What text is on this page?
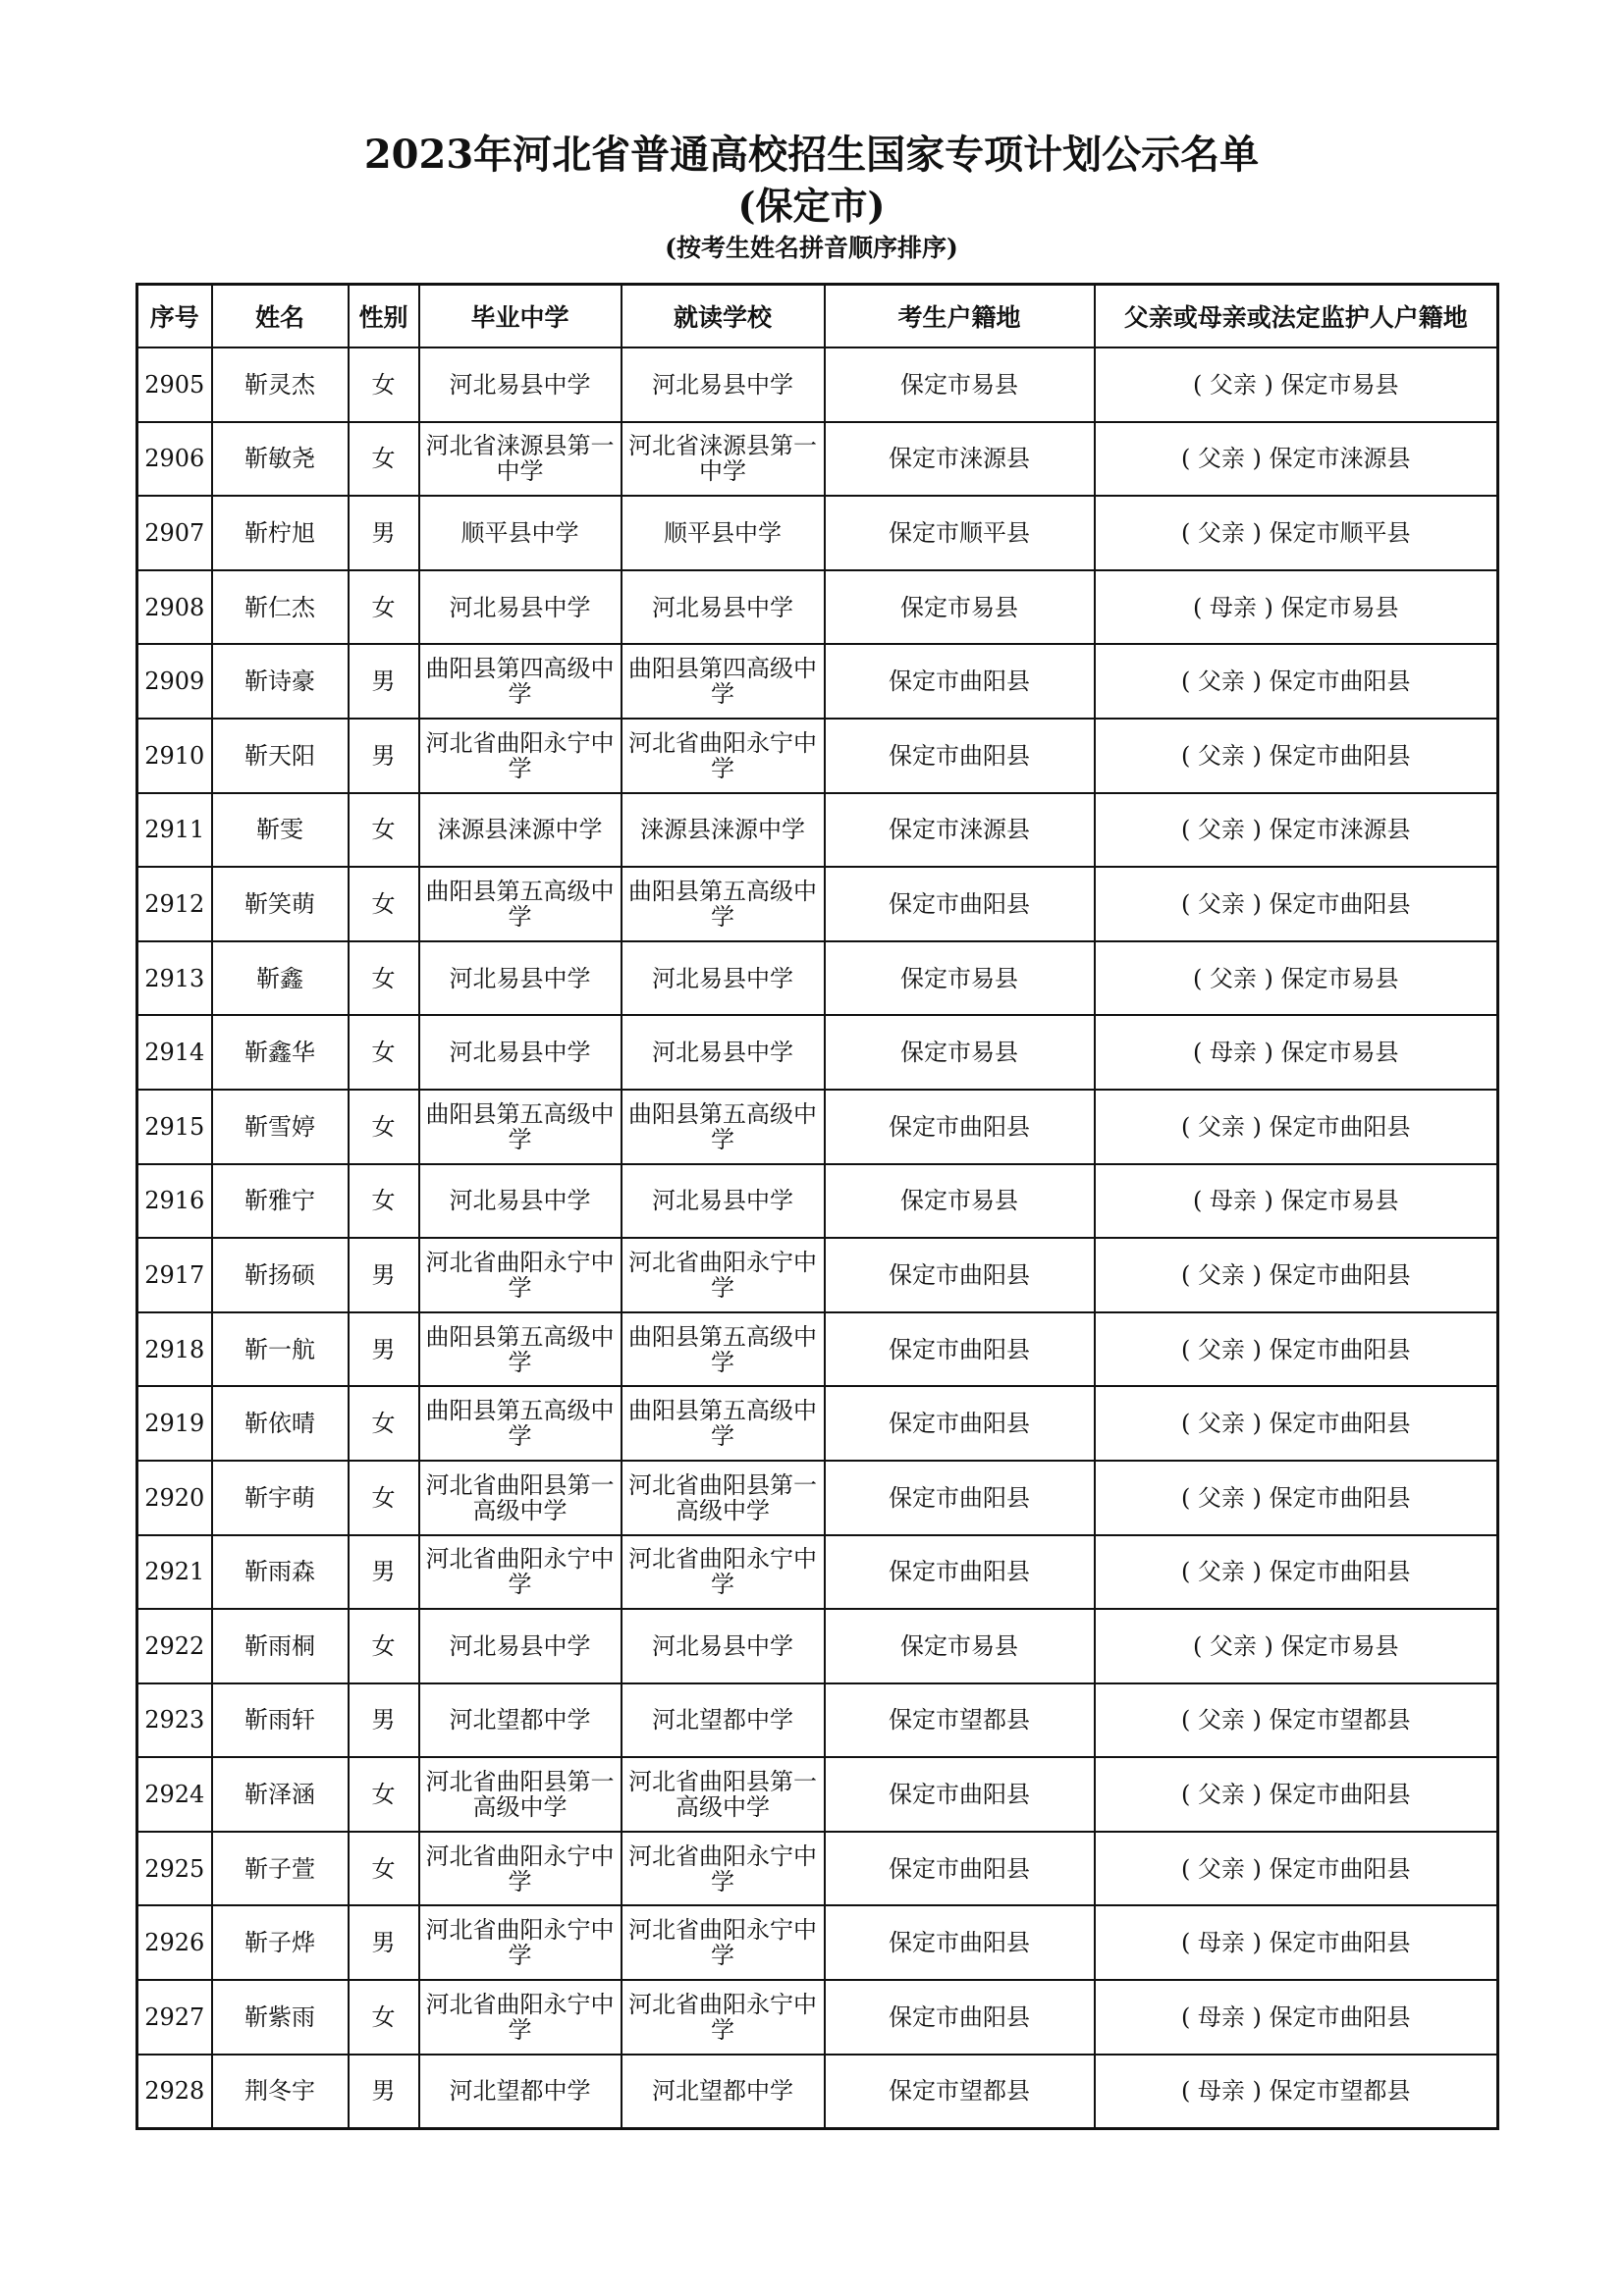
2023年河北省普通高校招生国家专项计划公示名单
(保定市)
(按考生姓名拼音顺序排序)
序号	姓名	性别	毕业中学	就读学校	考生户籍地	父亲或母亲或法定监护人户籍地
2905	靳灵杰	女	河北易县中学	河北易县中学	保定市易县	( 父亲 ) 保定市易县
2906	靳敏尧	女	河北省涞源县第一中学	河北省涞源县第一中学	保定市涞源县	( 父亲 ) 保定市涞源县
2907	靳柠旭	男	顺平县中学	顺平县中学	保定市顺平县	( 父亲 ) 保定市顺平县
2908	靳仁杰	女	河北易县中学	河北易县中学	保定市易县	( 母亲 ) 保定市易县
2909	靳诗豪	男	曲阳县第四高级中学	曲阳县第四高级中学	保定市曲阳县	( 父亲 ) 保定市曲阳县
2910	靳天阳	男	河北省曲阳永宁中学	河北省曲阳永宁中学	保定市曲阳县	( 父亲 ) 保定市曲阳县
2911	靳雯	女	涞源县涞源中学	涞源县涞源中学	保定市涞源县	( 父亲 ) 保定市涞源县
2912	靳笑萌	女	曲阳县第五高级中学	曲阳县第五高级中学	保定市曲阳县	( 父亲 ) 保定市曲阳县
2913	靳鑫	女	河北易县中学	河北易县中学	保定市易县	( 父亲 ) 保定市易县
2914	靳鑫华	女	河北易县中学	河北易县中学	保定市易县	( 母亲 ) 保定市易县
2915	靳雪婷	女	曲阳县第五高级中学	曲阳县第五高级中学	保定市曲阳县	( 父亲 ) 保定市曲阳县
2916	靳雅宁	女	河北易县中学	河北易县中学	保定市易县	( 母亲 ) 保定市易县
2917	靳扬硕	男	河北省曲阳永宁中学	河北省曲阳永宁中学	保定市曲阳县	( 父亲 ) 保定市曲阳县
2918	靳一航	男	曲阳县第五高级中学	曲阳县第五高级中学	保定市曲阳县	( 父亲 ) 保定市曲阳县
2919	靳依晴	女	曲阳县第五高级中学	曲阳县第五高级中学	保定市曲阳县	( 父亲 ) 保定市曲阳县
2920	靳宇萌	女	河北省曲阳县第一高级中学	河北省曲阳县第一高级中学	保定市曲阳县	( 父亲 ) 保定市曲阳县
2921	靳雨森	男	河北省曲阳永宁中学	河北省曲阳永宁中学	保定市曲阳县	( 父亲 ) 保定市曲阳县
2922	靳雨桐	女	河北易县中学	河北易县中学	保定市易县	( 父亲 ) 保定市易县
2923	靳雨轩	男	河北望都中学	河北望都中学	保定市望都县	( 父亲 ) 保定市望都县
2924	靳泽涵	女	河北省曲阳县第一高级中学	河北省曲阳县第一高级中学	保定市曲阳县	( 父亲 ) 保定市曲阳县
2925	靳子萱	女	河北省曲阳永宁中学	河北省曲阳永宁中学	保定市曲阳县	( 父亲 ) 保定市曲阳县
2926	靳子烨	男	河北省曲阳永宁中学	河北省曲阳永宁中学	保定市曲阳县	( 母亲 ) 保定市曲阳县
2927	靳紫雨	女	河北省曲阳永宁中学	河北省曲阳永宁中学	保定市曲阳县	( 母亲 ) 保定市曲阳县
2928	荆冬宇	男	河北望都中学	河北望都中学	保定市望都县	( 母亲 ) 保定市望都县
